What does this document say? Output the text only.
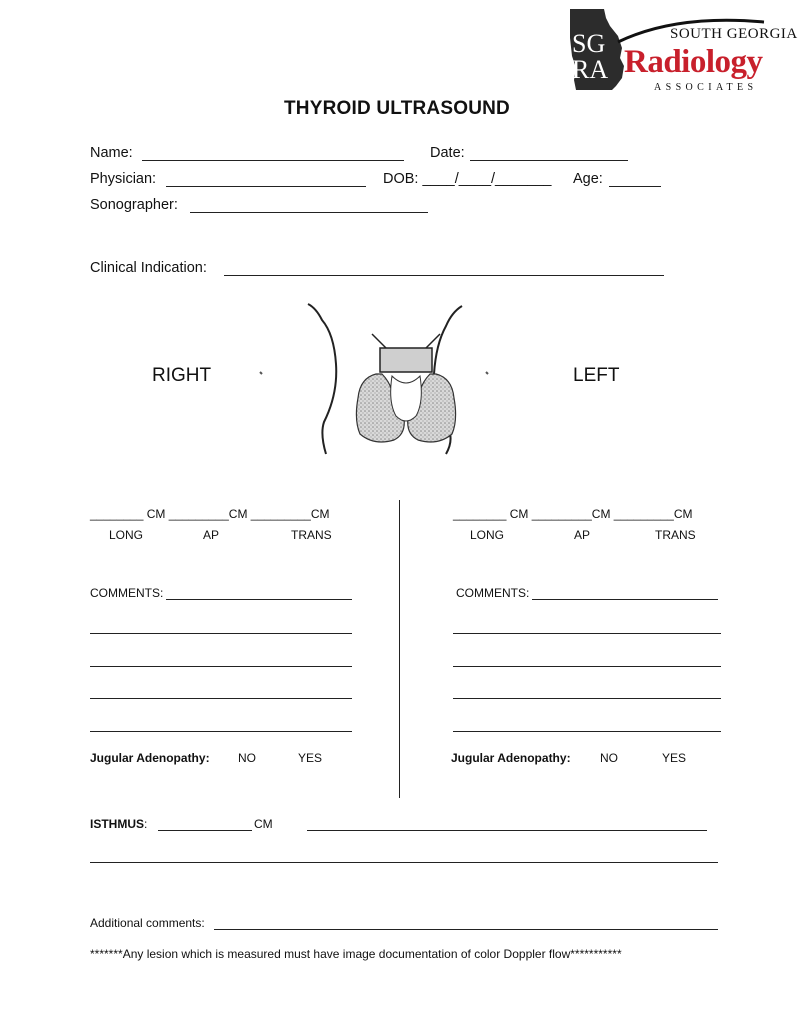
SG
RA
SOUTH GEORGIA
Radiology
ASSOCIATES
THYROID ULTRASOUND
Name:	Date:
Physician:	DOB: ____/____/_______ Age:
Sonographer:
Clinical Indication:
RIGHT	LEFT
________ CM _________CM _________CM
LONG	AP	TRANS
COMMENTS:
Jugular Adenopathy: NO	YES
________ CM _________CM _________CM
LONG	AP	TRANS
COMMENTS:
Jugular Adenopathy: NO	YES
ISTHMUS:	CM
Additional comments:
*******Any lesion which is measured must have image documentation of color Doppler flow***********
